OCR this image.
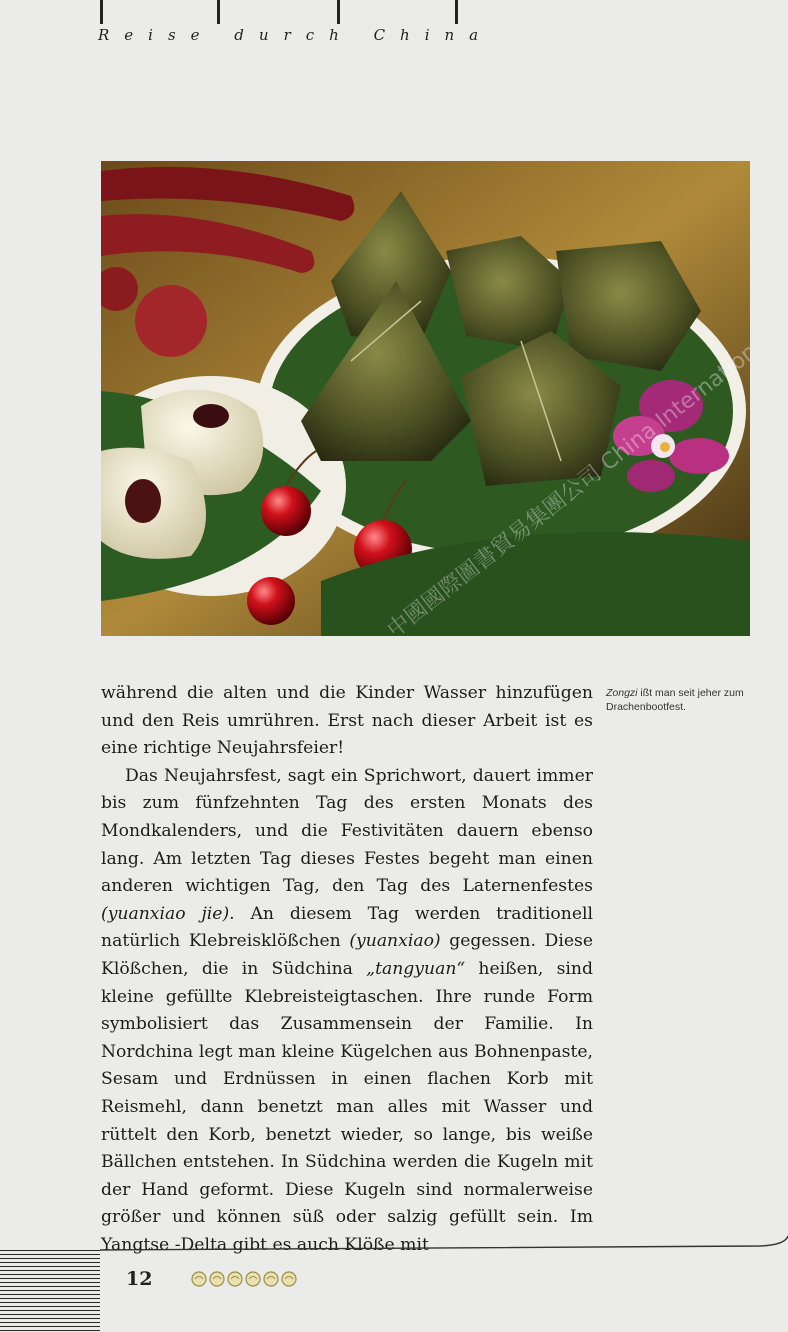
Reise durch China
中國國際圖書貿易集團公司 China International
Zongzi ißt man seit jeher zum Drachenbootfest.

während die alten und die Kinder Wasser hinzufügen und den Reis umrühren. Erst nach dieser Arbeit ist es eine richtige Neujahrsfeier!

Das Neujahrsfest, sagt ein Sprichwort, dauert immer bis zum fünfzehnten Tag des ersten Monats des Mondkalenders, und die Festivitäten dauern ebenso lang. Am letzten Tag dieses Festes begeht man einen anderen wichtigen Tag, den Tag des Laternenfestes (yuanxiao jie). An diesem Tag werden traditionell natürlich Klebreisklößchen (yuanxiao) gegessen. Diese Klößchen, die in Südchina „tangyuan“ heißen, sind kleine gefüllte Klebreisteigtaschen. Ihre runde Form symbolisiert das Zusammensein der Familie. In Nordchina legt man kleine Kügelchen aus Bohnenpaste, Sesam und Erdnüssen in einen flachen Korb mit Reismehl, dann benetzt man alles mit Wasser und rüttelt den Korb, benetzt wieder, so lange, bis weiße Bällchen entstehen. In Südchina werden die Kugeln mit der Hand geformt. Diese Kugeln sind normalerweise größer und können süß oder salzig gefüllt sein. Im Yangtse -Delta gibt es auch Klöße mit

12
